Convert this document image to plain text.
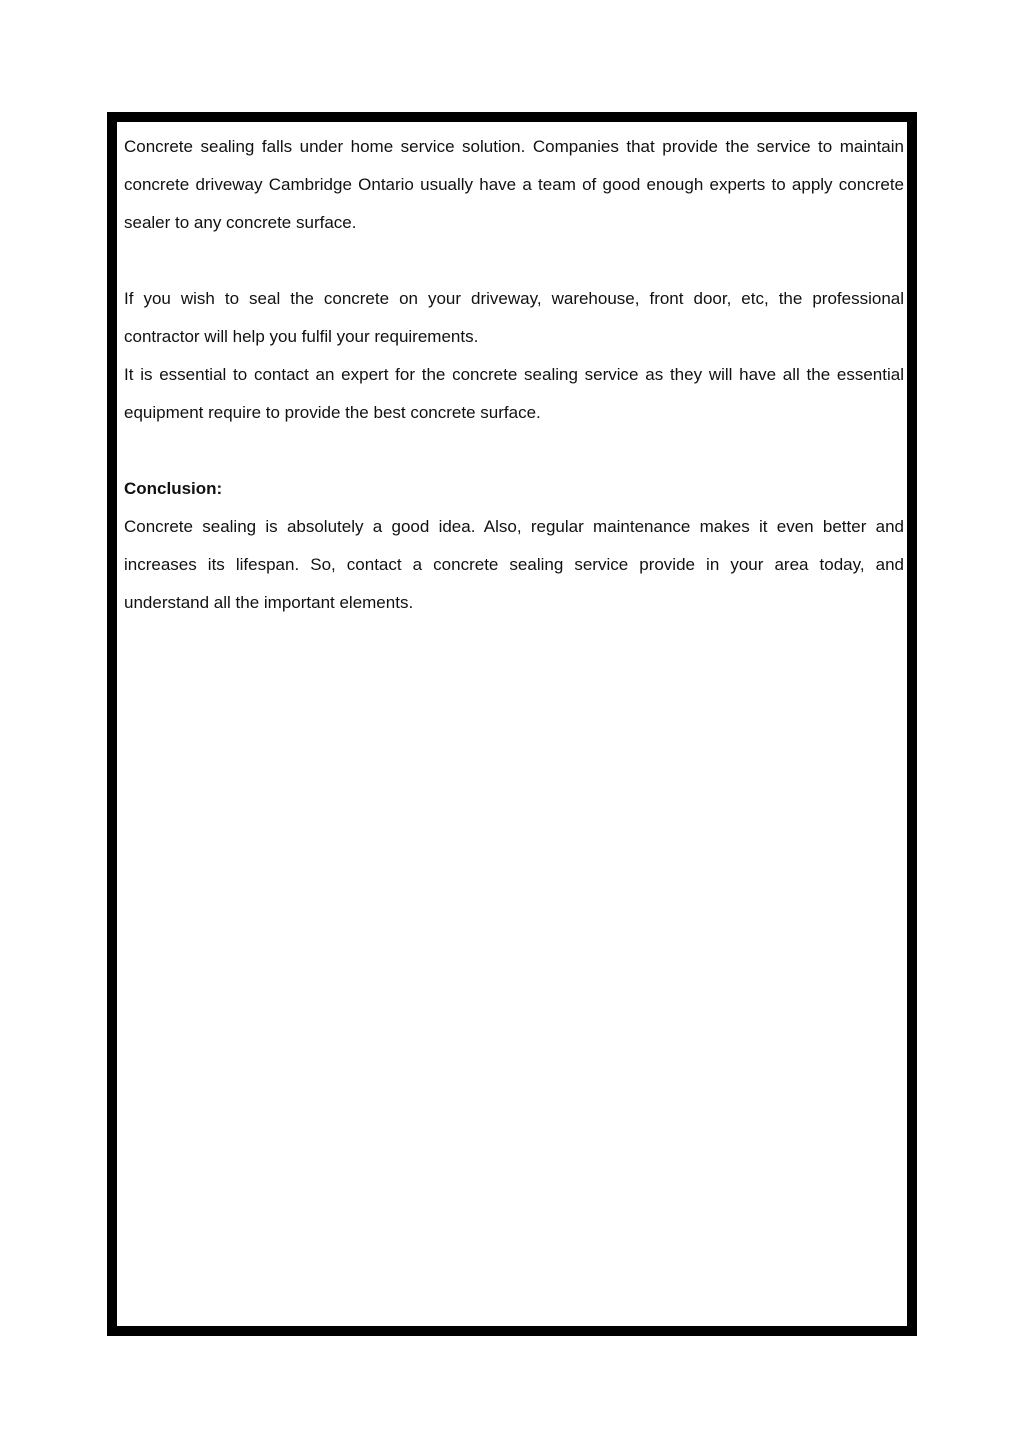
Concrete sealing falls under home service solution. Companies that provide the service to maintain concrete driveway Cambridge Ontario usually have a team of good enough experts to apply concrete sealer to any concrete surface.

If you wish to seal the concrete on your driveway, warehouse, front door, etc, the professional contractor will help you fulfil your requirements.

It is essential to contact an expert for the concrete sealing service as they will have all the essential equipment require to provide the best concrete surface.

Conclusion:

Concrete sealing is absolutely a good idea. Also, regular maintenance makes it even better and increases its lifespan. So, contact a concrete sealing service provide in your area today, and understand all the important elements.
